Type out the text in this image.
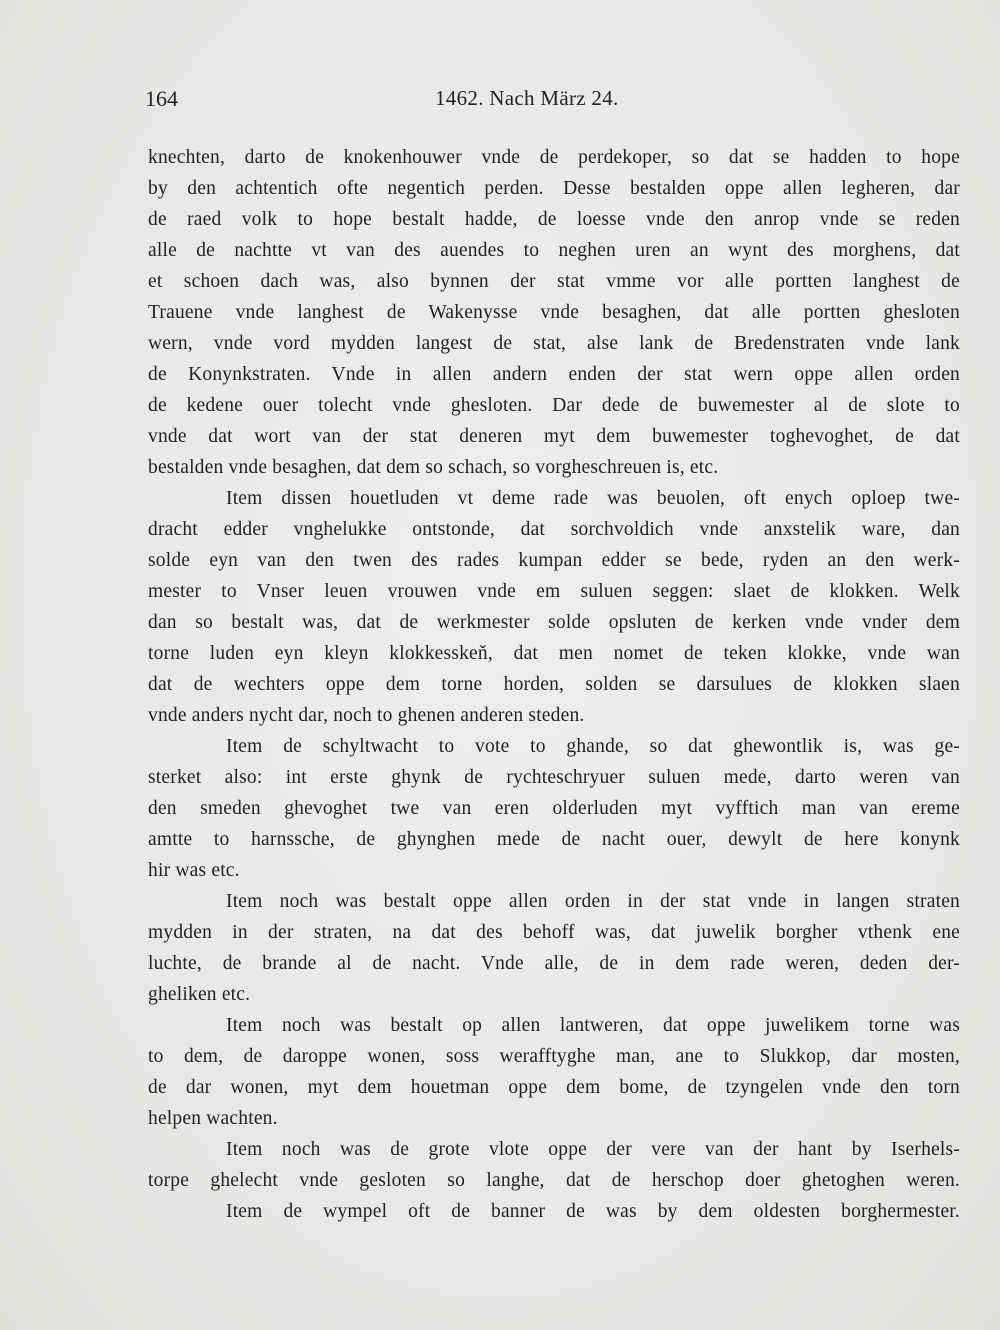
164	1462. Nach März 24.
knechten, darto de knokenhouwer vnde de perdekoper, so dat se hadden to hope
by den achtentich ofte negentich perden. Desse bestalden oppe allen legheren, dar
de raed volk to hope bestalt hadde, de loesse vnde den anrop vnde se reden
alle de nachtte vt van des auendes to neghen uren an wynt des morghens, dat
et schoen dach was, also bynnen der stat vmme vor alle portten langhest de
Trauene vnde langhest de Wakenysse vnde besaghen, dat alle portten ghesloten
wern, vnde vord mydden langest de stat, alse lank de Bredenstraten vnde lank
de Konynkstraten. Vnde in allen andern enden der stat wern oppe allen orden
de kedene ouer tolecht vnde ghesloten. Dar dede de buwemester al de slote to
vnde dat wort van der stat deneren myt dem buwemester toghevoghet, de dat
bestalden vnde besaghen, dat dem so schach, so vorgheschreuen is, etc.
Item dissen houetluden vt deme rade was beuolen, oft enych oploep twe-
dracht edder vnghelukke ontstonde, dat sorchvoldich vnde anxstelik ware, dan
solde eyn van den twen des rades kumpan edder se bede, ryden an den werk-
mester to Vnser leuen vrouwen vnde em suluen seggen: slaet de klokken. Welk
dan so bestalt was, dat de werkmester solde opsluten de kerken vnde vnder dem
torne luden eyn kleyn klokkesskeň, dat men nomet de teken klokke, vnde wan
dat de wechters oppe dem torne horden, solden se darsulues de klokken slaen
vnde anders nycht dar, noch to ghenen anderen steden.
Item de schyltwacht to vote to ghande, so dat ghewontlik is, was ge-
sterket also: int erste ghynk de rychteschryuer suluen mede, darto weren van
den smeden ghevoghet twe van eren olderluden myt vyfftich man van ereme
amtte to harnssche, de ghynghen mede de nacht ouer, dewylt de here konynk
hir was etc.
Item noch was bestalt oppe allen orden in der stat vnde in langen straten
mydden in der straten, na dat des behoff was, dat juwelik borgher vthenk ene
luchte, de brande al de nacht. Vnde alle, de in dem rade weren, deden der-
gheliken etc.
Item noch was bestalt op allen lantweren, dat oppe juwelikem torne was
to dem, de daroppe wonen, soss werafftyghe man, ane to Slukkop, dar mosten,
de dar wonen, myt dem houetman oppe dem bome, de tzyngelen vnde den torn
helpen wachten.
Item noch was de grote vlote oppe der vere van der hant by Iserhels-
torpe ghelecht vnde gesloten so langhe, dat de herschop doer ghetoghen weren.
Item de wympel oft de banner de was by dem oldesten borghermester.
